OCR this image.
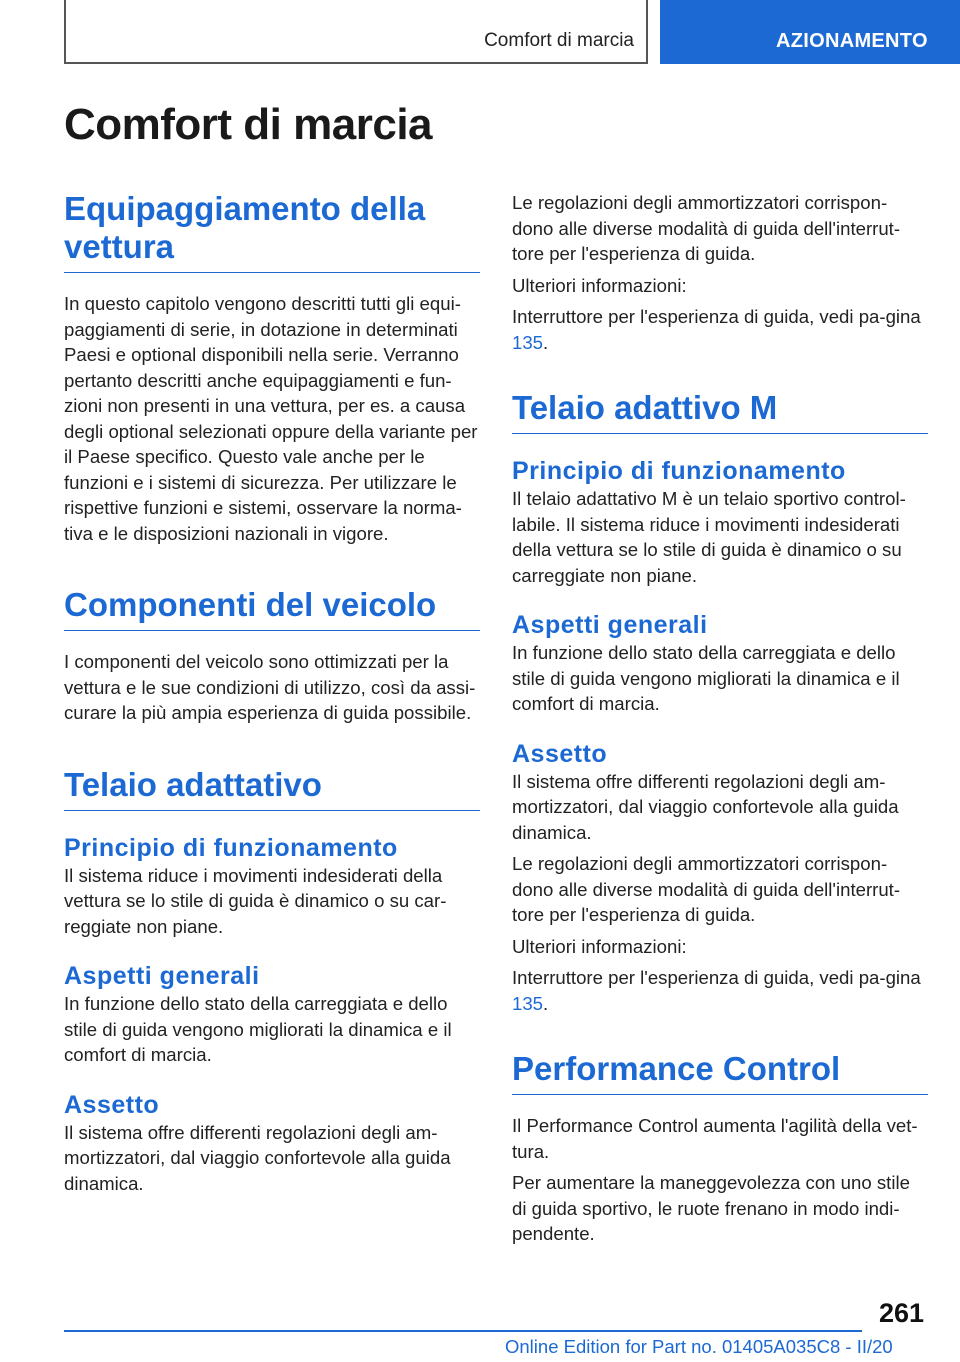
Comfort di marcia	AZIONAMENTO
Comfort di marcia
Equipaggiamento della vettura

In questo capitolo vengono descritti tutti gli equi-paggiamenti di serie, in dotazione in determinati Paesi e optional disponibili nella serie. Verranno pertanto descritti anche equipaggiamenti e fun-zioni non presenti in una vettura, per es. a causa degli optional selezionati oppure della variante per il Paese specifico. Questo vale anche per le funzioni e i sistemi di sicurezza. Per utilizzare le rispettive funzioni e sistemi, osservare la norma-tiva e le disposizioni nazionali in vigore.

Componenti del veicolo

I componenti del veicolo sono ottimizzati per la vettura e le sue condizioni di utilizzo, così da assi-curare la più ampia esperienza di guida possibile.

Telaio adattativo
Principio di funzionamento

Il sistema riduce i movimenti indesiderati della vettura se lo stile di guida è dinamico o su car-reggiate non piane.

Aspetti generali

In funzione dello stato della carreggiata e dello stile di guida vengono migliorati la dinamica e il comfort di marcia.

Assetto

Il sistema offre differenti regolazioni degli am-mortizzatori, dal viaggio confortevole alla guida dinamica.

Le regolazioni degli ammortizzatori corrispon-dono alle diverse modalità di guida dell'interrut-tore per l'esperienza di guida.

Ulteriori informazioni:

Interruttore per l'esperienza di guida, vedi pa-gina 135.

Telaio adattivo M
Principio di funzionamento

Il telaio adattativo M è un telaio sportivo control-labile. Il sistema riduce i movimenti indesiderati della vettura se lo stile di guida è dinamico o su carreggiate non piane.

Aspetti generali

In funzione dello stato della carreggiata e dello stile di guida vengono migliorati la dinamica e il comfort di marcia.

Assetto

Il sistema offre differenti regolazioni degli am-mortizzatori, dal viaggio confortevole alla guida dinamica.

Le regolazioni degli ammortizzatori corrispon-dono alle diverse modalità di guida dell'interrut-tore per l'esperienza di guida.

Ulteriori informazioni:

Interruttore per l'esperienza di guida, vedi pa-gina 135.

Performance Control

Il Performance Control aumenta l'agilità della vet-tura.

Per aumentare la maneggevolezza con uno stile di guida sportivo, le ruote frenano in modo indi-pendente.

261
Online Edition for Part no. 01405A035C8 - II/20
